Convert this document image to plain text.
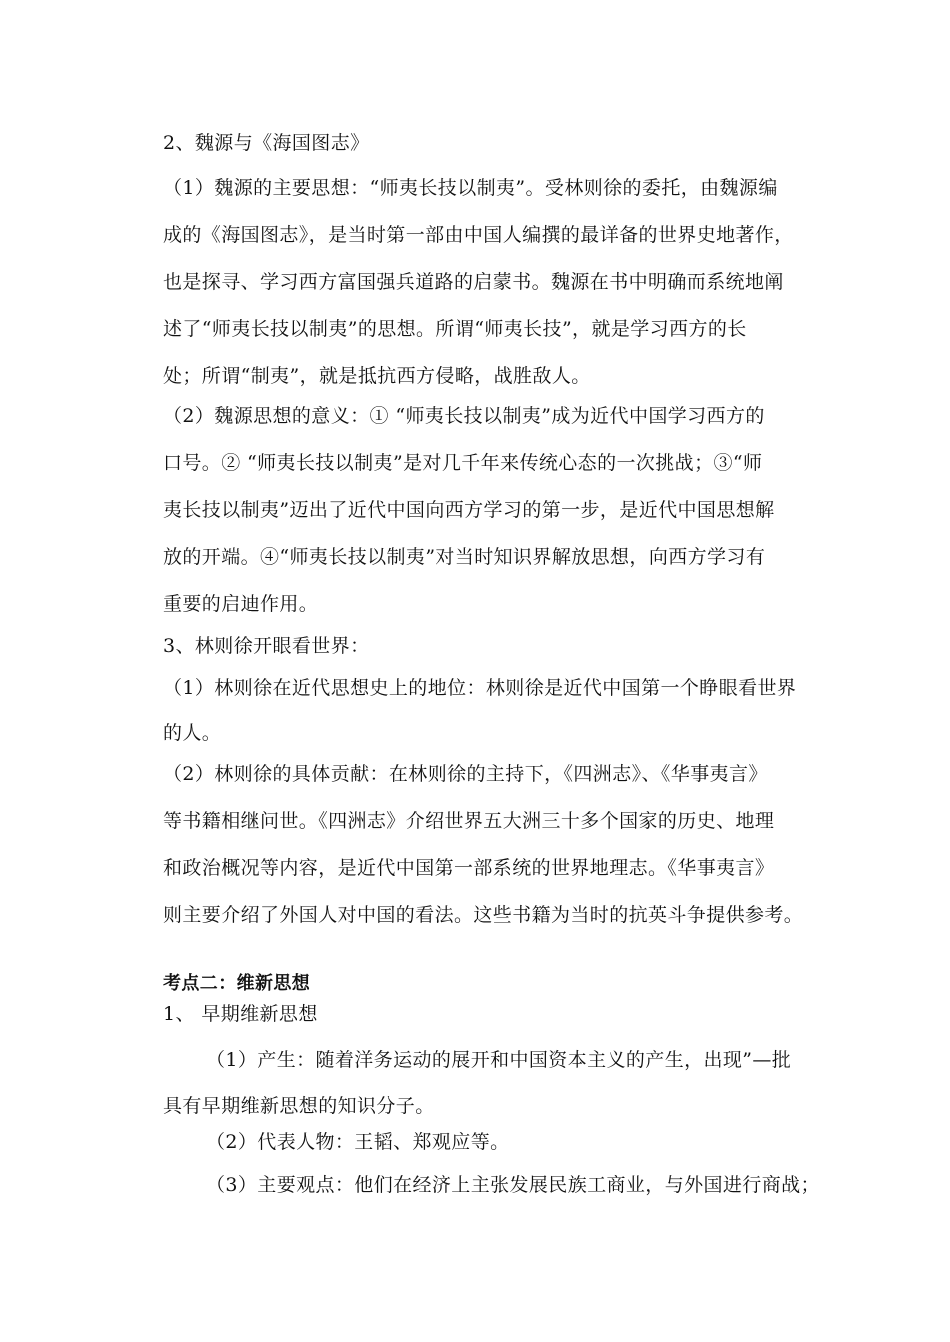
2、魏源与《海国图志》
（1）魏源的主要思想：“师夷长技以制夷”。受林则徐的委托，由魏源编
成的《海国图志》，是当时第一部由中国人编撰的最详备的世界史地著作，
也是探寻、学习西方富国强兵道路的启蒙书。魏源在书中明确而系统地阐
述了“师夷长技以制夷”的思想。所谓“师夷长技”，就是学习西方的长
处；所谓“制夷”，就是抵抗西方侵略，战胜敌人。
（2）魏源思想的意义：① “师夷长技以制夷”成为近代中国学习西方的
口号。② “师夷长技以制夷”是对几千年来传统心态的一次挑战；③“师
夷长技以制夷”迈出了近代中国向西方学习的第一步，是近代中国思想解
放的开端。④“师夷长技以制夷”对当时知识界解放思想，向西方学习有
重要的启迪作用。
3、林则徐开眼看世界：
（1）林则徐在近代思想史上的地位：林则徐是近代中国第一个睁眼看世界
的人。
（2）林则徐的具体贡献：在林则徐的主持下，《四洲志》、《华事夷言》
等书籍相继问世。《四洲志》介绍世界五大洲三十多个国家的历史、地理
和政治概况等内容，是近代中国第一部系统的世界地理志。《华事夷言》
则主要介绍了外国人对中国的看法。这些书籍为当时的抗英斗争提供参考。
考点二：维新思想
1、 早期维新思想
（1）产生：随着洋务运动的展开和中国资本主义的产生，出现”—批
具有早期维新思想的知识分子。
（2）代表人物：王韬、郑观应等。
（3）主要观点：他们在经济上主张发展民族工商业，与外国进行商战；
